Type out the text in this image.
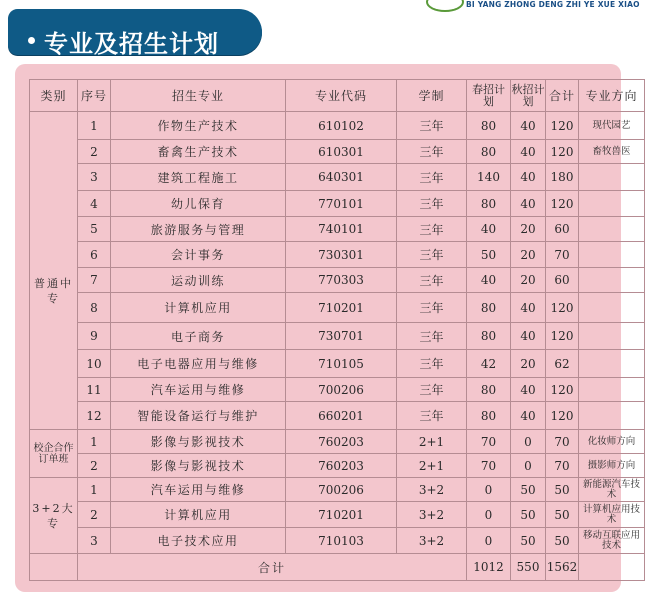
BI YANG ZHONG DENG ZHI YE XUE XIAO
专业及招生计划
类别	序号	招生专业	专业代码	学制	春招计划	秋招计划	合计	专业方向
普通中专	1	作物生产技术	610102	三年	80	40	120	现代园艺
	2	畜禽生产技术	610301	三年	80	40	120	畜牧兽医
	3	建筑工程施工	640301	三年	140	40	180	
	4	幼儿保育	770101	三年	80	40	120	
	5	旅游服务与管理	740101	三年	40	20	60	
	6	会计事务	730301	三年	50	20	70	
	7	运动训练	770303	三年	40	20	60	
	8	计算机应用	710201	三年	80	40	120	
	9	电子商务	730701	三年	80	40	120	
	10	电子电器应用与维修	710105	三年	42	20	62	
	11	汽车运用与维修	700206	三年	80	40	120	
	12	智能设备运行与维护	660201	三年	80	40	120	
校企合作订单班	1	影像与影视技术	760203	2+1	70	0	70	化妆师方向
	2	影像与影视技术	760203	2+1	70	0	70	摄影师方向
3+2大专	1	汽车运用与维修	700206	3+2	0	50	50	新能源汽车技术
	2	计算机应用	710201	3+2	0	50	50	计算机应用技术
	3	电子技术应用	710103	3+2	0	50	50	移动互联应用技术
	合计				1012	550	1562	
